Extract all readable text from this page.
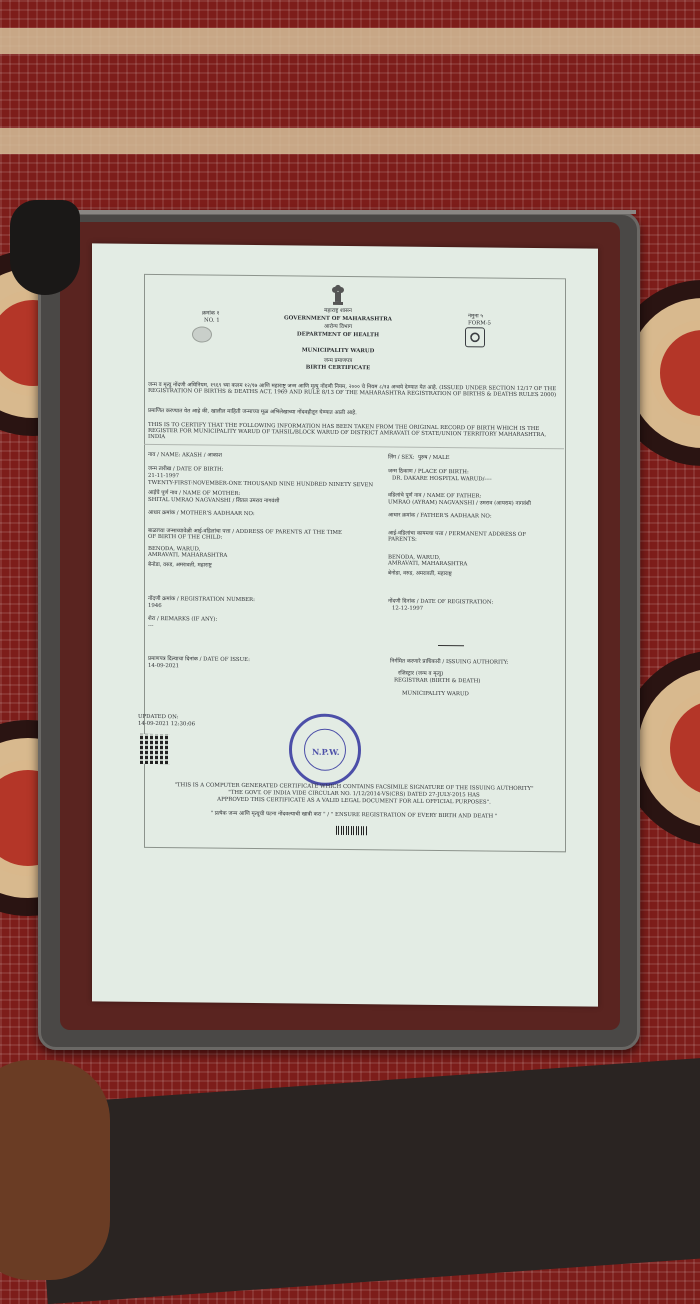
महाराष्ट्र शासन
GOVERNMENT OF MAHARASHTRA
आरोग्य विभाग
DEPARTMENT OF HEALTH
MUNICIPALITY WARUD
जन्म प्रमाणपत्र
BIRTH CERTIFICATE
क्रमांक १
NO. 1
नमुना ५
FORM-5
जन्म व मृत्यु नोंदणी अधिनियम, १९६९ च्या कलम १२/१७ आणि महाराष्ट्र जन्म आणि मृत्यु नोंदणी नियम, २००० चे नियम ८/१३ अन्वये देण्यात येत आहे. (ISSUED UNDER SECTION 12/17 OF THE REGISTRATION OF BIRTHS & DEATHS ACT, 1969 AND RULE 8/13 OF THE MAHARASHTRA REGISTRATION OF BIRTHS & DEATHS RULES 2000)
प्रमाणित करण्यात येत आहे की, खालील माहिती जन्माच्या मूळ अभिलेखाच्या नोंदवहीतून घेण्यात आली आहे.
THIS IS TO CERTIFY THAT THE FOLLOWING INFORMATION HAS BEEN TAKEN FROM THE ORIGINAL RECORD OF BIRTH WHICH IS THE REGISTER FOR MUNICIPALITY WARUD OF TAHSIL/BLOCK WARUD OF DISTRICT AMRAVATI OF STATE/UNION TERRITORY MAHARASHTRA, INDIA
नाव / NAME: AKASH / आकाश
जन्म तारीख / DATE OF BIRTH:
21-11-1997
TWENTY-FIRST-NOVEMBER-ONE THOUSAND NINE HUNDRED NINETY SEVEN
आईचे पूर्ण नाव / NAME OF MOTHER:
SHITAL UMRAO NAGVANSHI / शितल उमराव नागवंशी
आधार क्रमांक / MOTHER'S AADHAAR NO:
बाळाच्या जन्माच्यावेळी आई-वडिलांचा पत्ता / ADDRESS OF PARENTS AT THE TIME OF BIRTH OF THE CHILD:
BENODA, WARUD, AMRAVATI, MAHARASHTRA
बेनोडा, वरुड, अमरावती, महाराष्ट्र
नोंदणी क्रमांक / REGISTRATION NUMBER:
1946
शेरा / REMARKS (IF ANY):
---
प्रमाणपत्र दिल्याचा दिनांक / DATE OF ISSUE:
14-09-2021
लिंग / SEX: पुरुष / MALE
जन्म ठिकाण / PLACE OF BIRTH:
DR. DAKARE HOSPITAL WARUD/----
वडिलांचे पूर्ण नाव / NAME OF FATHER:
UMRAO (AYRAM) NAGVANSHI / उमराव (आयराम) नागवंशी
आधार क्रमांक / FATHER'S AADHAAR NO:
आई-वडिलांचा कायमचा पत्ता / PERMANENT ADDRESS OF PARENTS:
BENODA, WARUD, AMRAVATI, MAHARASHTRA
बेनोडा, वरुड, अमरावती, महाराष्ट्र
नोंदणी दिनांक / DATE OF REGISTRATION:
12-12-1997
निर्गमित करणारे प्राधिकारी / ISSUING AUTHORITY:
रजिस्ट्रार (जन्म व मृत्यु)
REGISTRAR (BIRTH & DEATH)
MUNICIPALITY WARUD
UPDATED ON:
14-09-2021 12:30:06
N.P.W.
"THIS IS A COMPUTER GENERATED CERTIFICATE WHICH CONTAINS FACSIMILE SIGNATURE OF THE ISSUING AUTHORITY"
"THE GOVT. OF INDIA VIDE CIRCULAR NO. 1/12/2014-VS(CRS) DATED 27-JULY-2015 HAS
APPROVED THIS CERTIFICATE AS A VALID LEGAL DOCUMENT FOR ALL OFFICIAL PURPOSES".
" प्रत्येक जन्म आणि मृत्यूची घटना नोंदवल्याची खात्री करा " / " ENSURE REGISTRATION OF EVERY BIRTH AND DEATH "
